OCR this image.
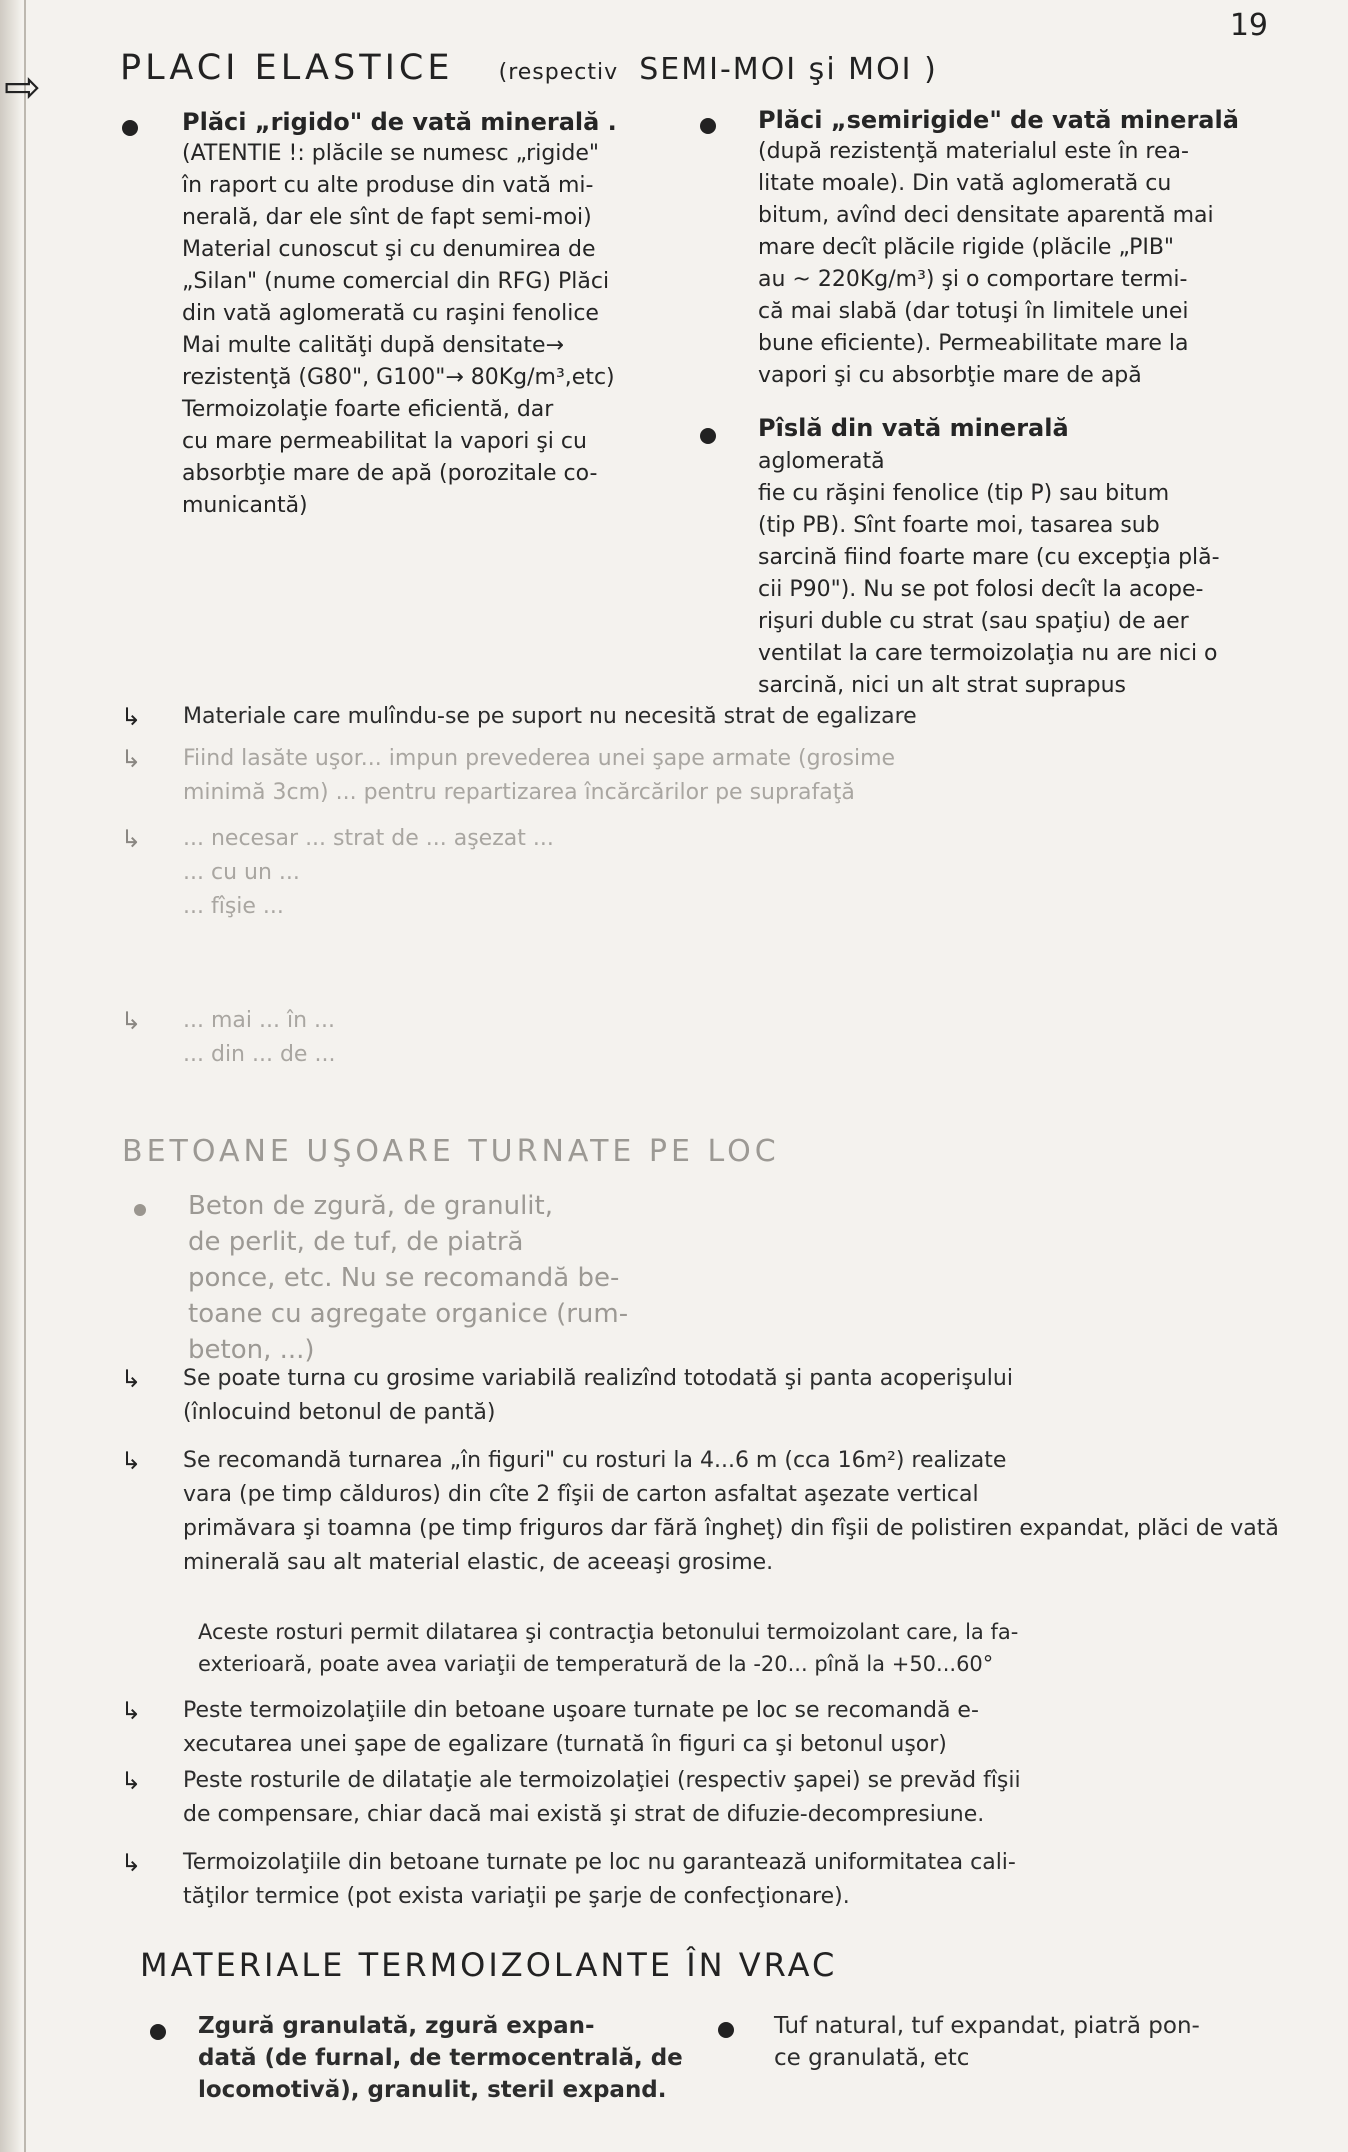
⇨
19
PLACI ELASTICE (respectiv SEMI-MOI şi MOI )
Plăci „rigido" de vată minerală .

(ATENTIE !: plăcile se numesc „rigide"
în raport cu alte produse din vată mi-
nerală, dar ele sînt de fapt semi-moi)
Material cunoscut şi cu denumirea de
„Silan" (nume comercial din RFG) Plăci
din vată aglomerată cu raşini fenolice
Mai multe calităţi după densitate→
rezistenţă (G80", G100"→ 80Kg/m³,etc)
Termoizolaţie foarte eficientă, dar
cu mare permeabilitat la vapori şi cu
absorbţie mare de apă (porozitale co-
municantă)

Plăci „semirigide" de vată minerală

(după rezistenţă materialul este în rea-
litate moale). Din vată aglomerată cu
bitum, avînd deci densitate aparentă mai
mare decît plăcile rigide (plăcile „PIB"
au ~ 220Kg/m³) şi o comportare termi-
că mai slabă (dar totuşi în limitele unei
bune eficiente). Permeabilitate mare la
vapori şi cu absorbţie mare de apă

Pîslă din vată minerală

aglomerată
fie cu răşini fenolice (tip P) sau bitum
(tip PB). Sînt foarte moi, tasarea sub
sarcină fiind foarte mare (cu excepţia plă-
cii P90"). Nu se pot folosi decît la acope-
rişuri duble cu strat (sau spaţiu) de aer
ventilat la care termoizolaţia nu are nici o
sarcină, nici un alt strat suprapus

↳ Materiale care mulîndu-se pe suport nu necesită strat de egalizare
↳ Fiind lasăte uşor... impun prevederea unei şape armate (grosime
minimă 3cm) ... pentru repartizarea încărcărilor pe suprafaţă
↳ ... necesar ... strat de ... aşezat ...
... cu un ...
... fîşie ...
↳ ... mai ... în ...
... din ... de ...
BETOANE UŞOARE TURNATE PE LOC
Beton de zgură, de granulit,
de perlit, de tuf, de piatră
ponce, etc. Nu se recomandă be-
toane cu agregate organice (rum-
beton, ...)
↳ Se poate turna cu grosime variabilă realizînd totodată şi panta acoperişului
(înlocuind betonul de pantă)
↳ Se recomandă turnarea „în figuri" cu rosturi la 4...6 m (cca 16m²) realizate
vara (pe timp călduros) din cîte 2 fîşii de carton asfaltat aşezate vertical
primăvara şi toamna (pe timp friguros dar fără îngheţ) din fîşii de polistiren expandat, plăci de vată minerală sau alt material elastic, de aceeaşi grosime.
Aceste rosturi permit dilatarea şi contracţia betonului termoizolant care, la fa-
exterioară, poate avea variaţii de temperatură de la -20... pînă la +50...60°
↳ Peste termoizolaţiile din betoane uşoare turnate pe loc se recomandă e-
xecutarea unei şape de egalizare (turnată în figuri ca şi betonul uşor)
↳ Peste rosturile de dilataţie ale termoizolaţiei (respectiv şapei) se prevăd fîşii
de compensare, chiar dacă mai există şi strat de difuzie-decompresiune.
↳ Termoizolaţiile din betoane turnate pe loc nu garantează uniformitatea cali-
tăţilor termice (pot exista variaţii pe şarje de confecţionare).
MATERIALE TERMOIZOLANTE ÎN VRAC
Zgură granulată, zgură expan-
dată (de furnal, de termocentrală, de
locomotivă), granulit, steril expand.
Tuf natural, tuf expandat, piatră pon-
ce granulată, etc
